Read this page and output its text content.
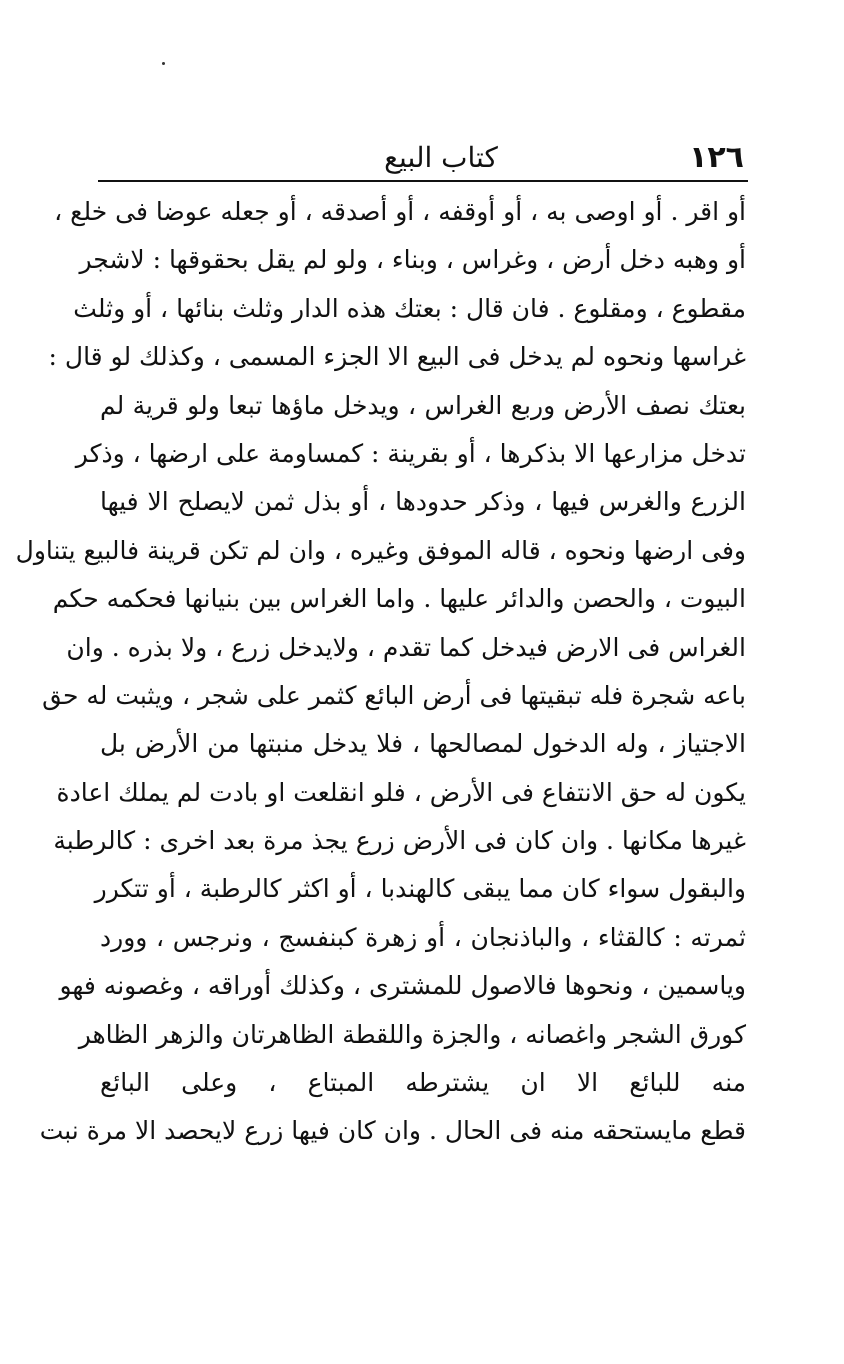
١٢٦
كتاب البيع
أو اقر . أو اوصى به ، أو أوقفه ، أو أصدقه ، أو جعله عوضا فى خلع ،
أو وهبه دخل أرض ، وغراس ، وبناء ، ولو لم يقل بحقوقها : لاشجر
مقطوع ، ومقلوع . فان قال : بعتك هذه الدار وثلث بنائها ، أو وثلث
غراسها ونحوه لم يدخل فى البيع الا الجزء المسمى ، وكذلك لو قال :
بعتك نصف الأرض وربع الغراس ، ويدخل ماؤها تبعا ولو قرية لم
تدخل مزارعها الا بذكرها ، أو بقرينة : كمساومة على ارضها ، وذكر
الزرع والغرس فيها ، وذكر حدودها ، أو بذل ثمن لايصلح الا فيها
وفى ارضها ونحوه ، قاله الموفق وغيره ، وان لم تكن قرينة فالبيع يتناول
البيوت ، والحصن والدائر عليها . واما الغراس بين بنيانها فحكمه حكم
الغراس فى الارض فيدخل كما تقدم ، ولايدخل زرع ، ولا بذره . وان
باعه شجرة فله تبقيتها فى أرض البائع كثمر على شجر ، ويثبت له حق
الاجتياز ، وله الدخول لمصالحها ، فلا يدخل منبتها من الأرض بل
يكون له حق الانتفاع فى الأرض ، فلو انقلعت او بادت لم يملك اعادة
غيرها مكانها . وان كان فى الأرض زرع يجذ مرة بعد اخرى : كالرطبة
والبقول سواء كان مما يبقى كالهندبا ، أو اكثر كالرطبة ، أو تتكرر
ثمرته : كالقثاء ، والباذنجان ، أو زهرة كبنفسج ، ونرجس ، وورد
وياسمين ، ونحوها فالاصول للمشترى ، وكذلك أوراقه ، وغصونه فهو
كورق الشجر واغصانه ، والجزة واللقطة الظاهرتان والزهر الظاهر
منه للبائع الا ان يشترطه المبتاع ، وعلى البائع
قطع مايستحقه منه فى الحال . وان كان فيها زرع لايحصد الا مرة نبت
